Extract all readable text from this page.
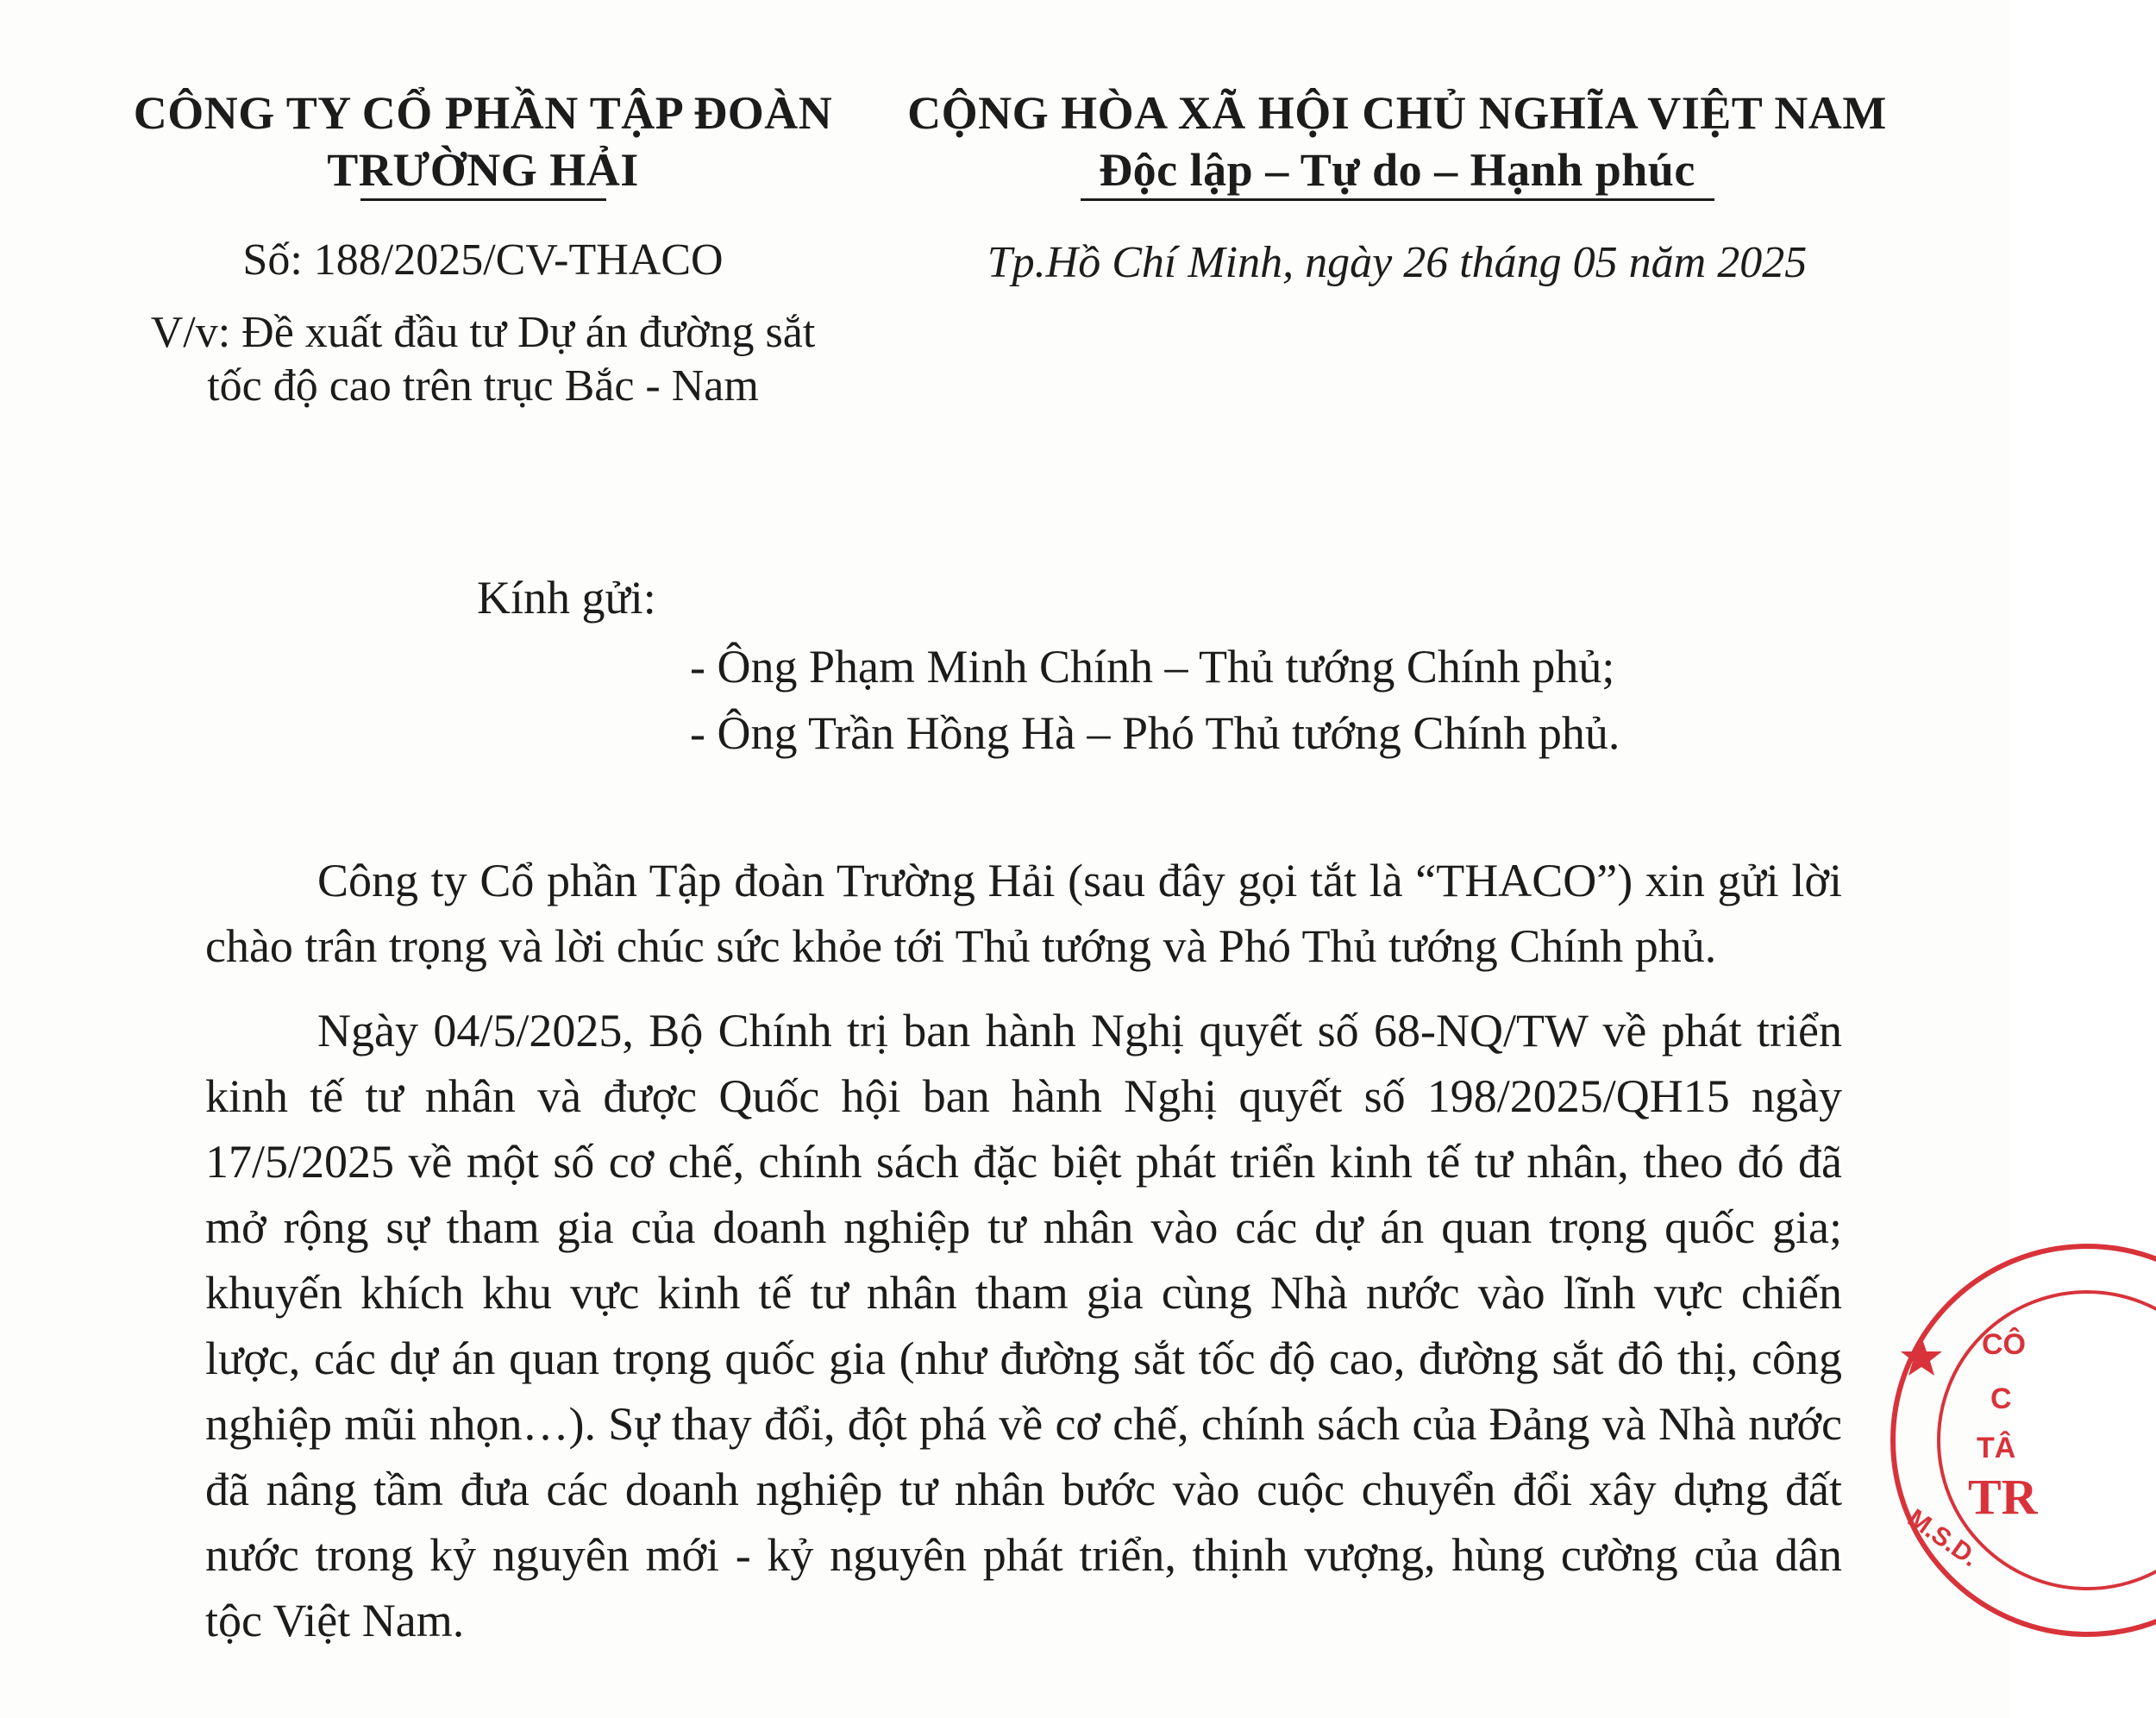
CÔNG TY CỔ PHẦN TẬP ĐOÀN
TRƯỜNG HẢI
Số: 188/2025/CV-THACO
V/v: Đề xuất đầu tư Dự án đường sắt
tốc độ cao trên trục Bắc - Nam
CỘNG HÒA XÃ HỘI CHỦ NGHĨA VIỆT NAM
Độc lập – Tự do – Hạnh phúc
Tp.Hồ Chí Minh, ngày 26 tháng 05 năm 2025
Kính gửi:
- Ông Phạm Minh Chính – Thủ tướng Chính phủ;
- Ông Trần Hồng Hà – Phó Thủ tướng Chính phủ.

Công ty Cổ phần Tập đoàn Trường Hải (sau đây gọi tắt là “THACO”) xin gửi lời chào trân trọng và lời chúc sức khỏe tới Thủ tướng và Phó Thủ tướng Chính phủ.

Ngày 04/5/2025, Bộ Chính trị ban hành Nghị quyết số 68-NQ/TW về phát triển kinh tế tư nhân và được Quốc hội ban hành Nghị quyết số 198/2025/QH15 ngày 17/5/2025 về một số cơ chế, chính sách đặc biệt phát triển kinh tế tư nhân, theo đó đã mở rộng sự tham gia của doanh nghiệp tư nhân vào các dự án quan trọng quốc gia; khuyến khích khu vực kinh tế tư nhân tham gia cùng Nhà nước vào lĩnh vực chiến lược, các dự án quan trọng quốc gia (như đường sắt tốc độ cao, đường sắt đô thị, công nghiệp mũi nhọn…). Sự thay đổi, đột phá về cơ chế, chính sách của Đảng và Nhà nước đã nâng tầm đưa các doanh nghiệp tư nhân bước vào cuộc chuyển đổi xây dựng đất nước trong kỷ nguyên mới - kỷ nguyên phát triển, thịnh vượng, hùng cường của dân tộc Việt Nam.

CÔ
C
TÂ
TR
M.S.D.
